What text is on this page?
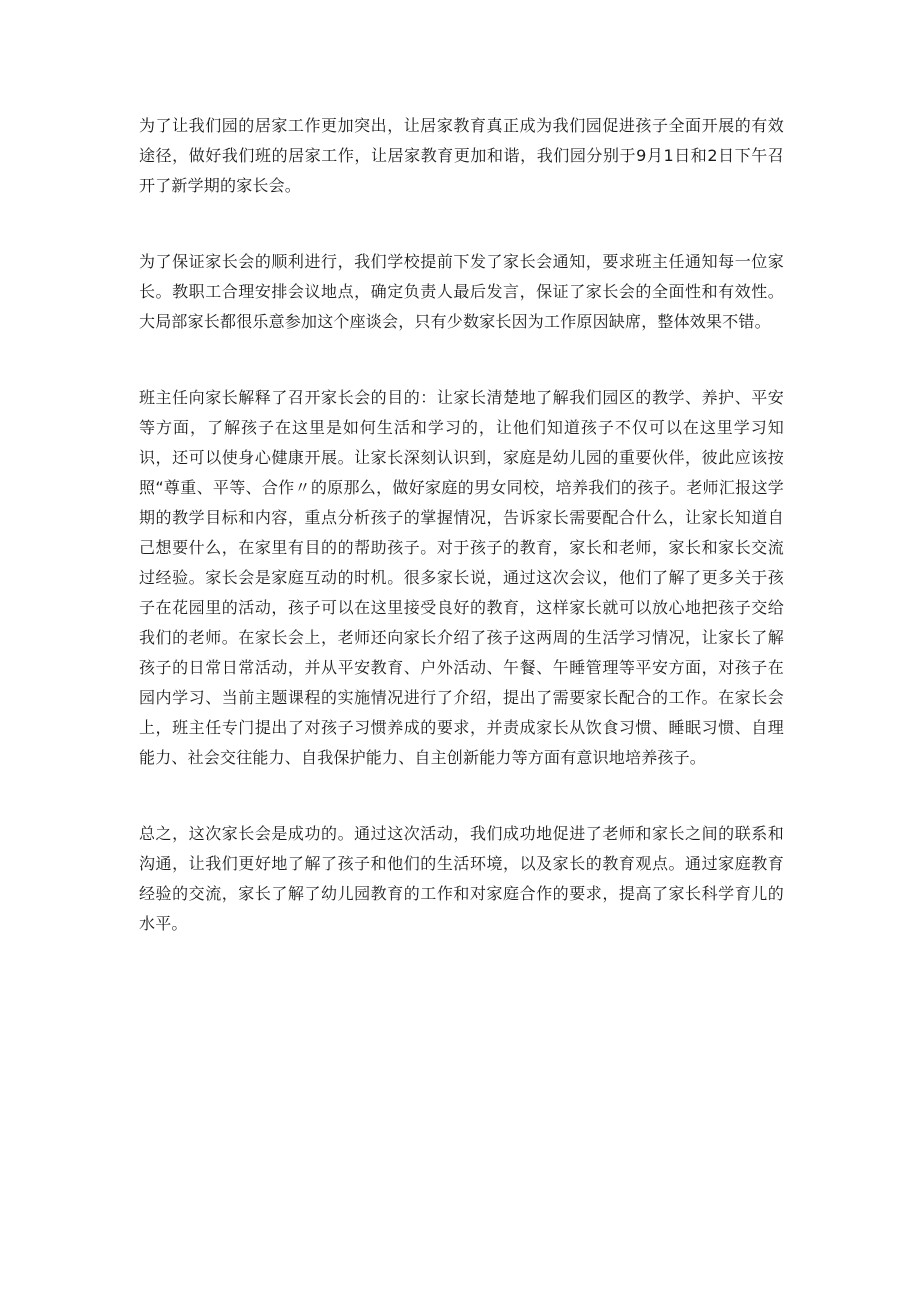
为了让我们园的居家工作更加突出，让居家教育真正成为我们园促进孩子全面开展的有效途径，做好我们班的居家工作，让居家教育更加和谐，我们园分别于9月1日和2日下午召开了新学期的家长会。

为了保证家长会的顺利进行，我们学校提前下发了家长会通知，要求班主任通知每一位家长。教职工合理安排会议地点，确定负责人最后发言，保证了家长会的全面性和有效性。大局部家长都很乐意参加这个座谈会，只有少数家长因为工作原因缺席，整体效果不错。

班主任向家长解释了召开家长会的目的：让家长清楚地了解我们园区的教学、养护、平安等方面，了解孩子在这里是如何生活和学习的，让他们知道孩子不仅可以在这里学习知识，还可以使身心健康开展。让家长深刻认识到，家庭是幼儿园的重要伙伴，彼此应该按照“尊重、平等、合作〃的原那么，做好家庭的男女同校，培养我们的孩子。老师汇报这学期的教学目标和内容，重点分析孩子的掌握情况，告诉家长需要配合什么，让家长知道自己想要什么，在家里有目的的帮助孩子。对于孩子的教育，家长和老师，家长和家长交流过经验。家长会是家庭互动的时机。很多家长说，通过这次会议，他们了解了更多关于孩子在花园里的活动，孩子可以在这里接受良好的教育，这样家长就可以放心地把孩子交给我们的老师。在家长会上，老师还向家长介绍了孩子这两周的生活学习情况，让家长了解孩子的日常日常活动，并从平安教育、户外活动、午餐、午睡管理等平安方面，对孩子在园内学习、当前主题课程的实施情况进行了介绍，提出了需要家长配合的工作。在家长会上，班主任专门提出了对孩子习惯养成的要求，并责成家长从饮食习惯、睡眠习惯、自理能力、社会交往能力、自我保护能力、自主创新能力等方面有意识地培养孩子。

总之，这次家长会是成功的。通过这次活动，我们成功地促进了老师和家长之间的联系和沟通，让我们更好地了解了孩子和他们的生活环境，以及家长的教育观点。通过家庭教育经验的交流，家长了解了幼儿园教育的工作和对家庭合作的要求，提高了家长科学育儿的水平。
